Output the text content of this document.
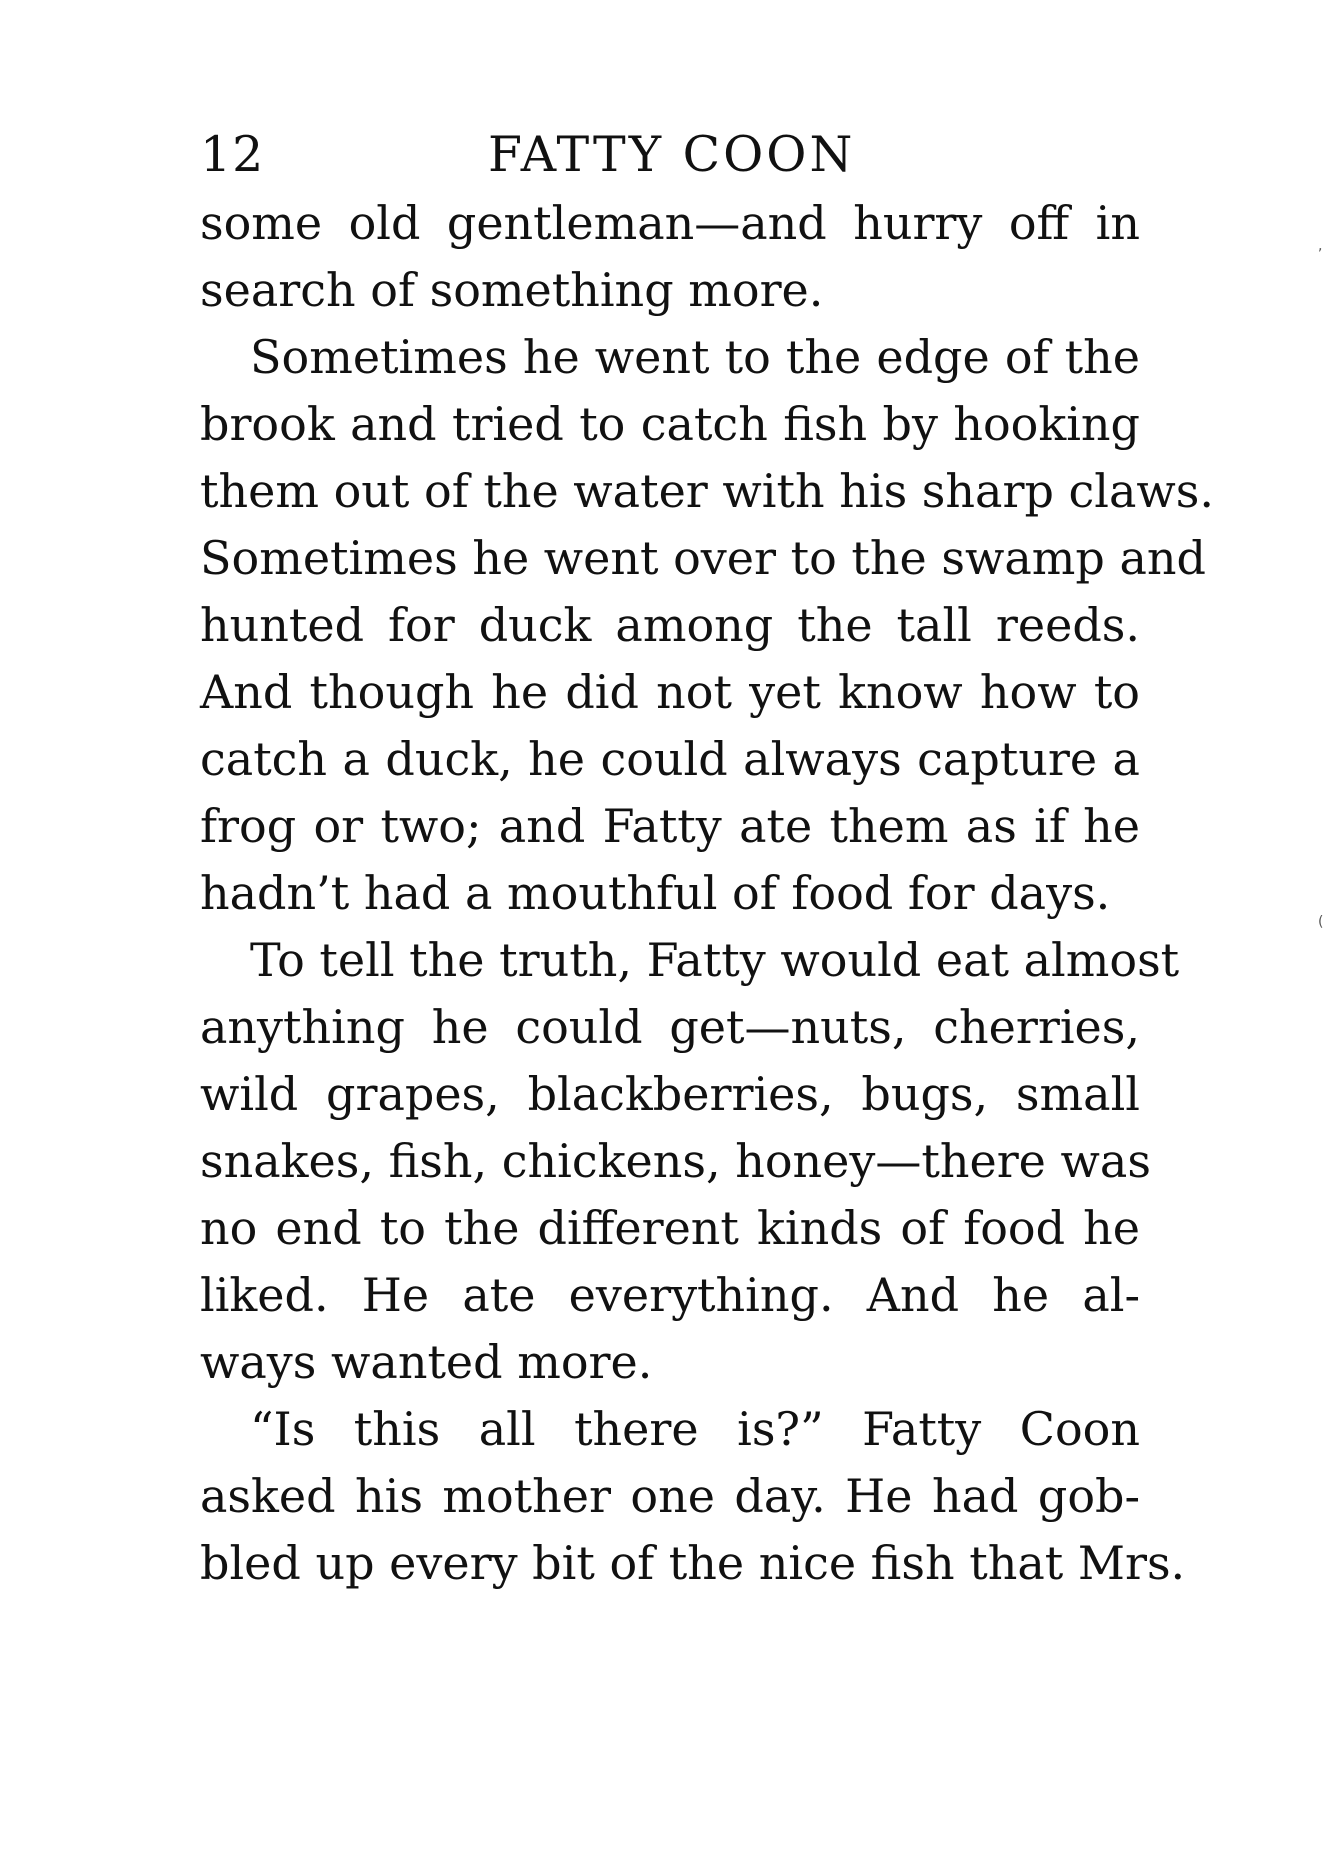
12	FATTY COON
some old gentleman—and hurry off in
search of something more.
Sometimes he went to the edge of the
brook and tried to catch fish by hooking
them out of the water with his sharp claws.
Sometimes he went over to the swamp and
hunted for duck among the tall reeds.
And though he did not yet know how to
catch a duck, he could always capture a
frog or two; and Fatty ate them as if he
hadn’t had a mouthful of food for days.
To tell the truth, Fatty would eat almost
anything he could get—nuts, cherries,
wild grapes, blackberries, bugs, small
snakes, fish, chickens, honey—there was
no end to the different kinds of food he
liked. He ate everything. And he al-
ways wanted more.
“Is this all there is?” Fatty Coon
asked his mother one day. He had gob-
bled up every bit of the nice fish that Mrs.
,
(
